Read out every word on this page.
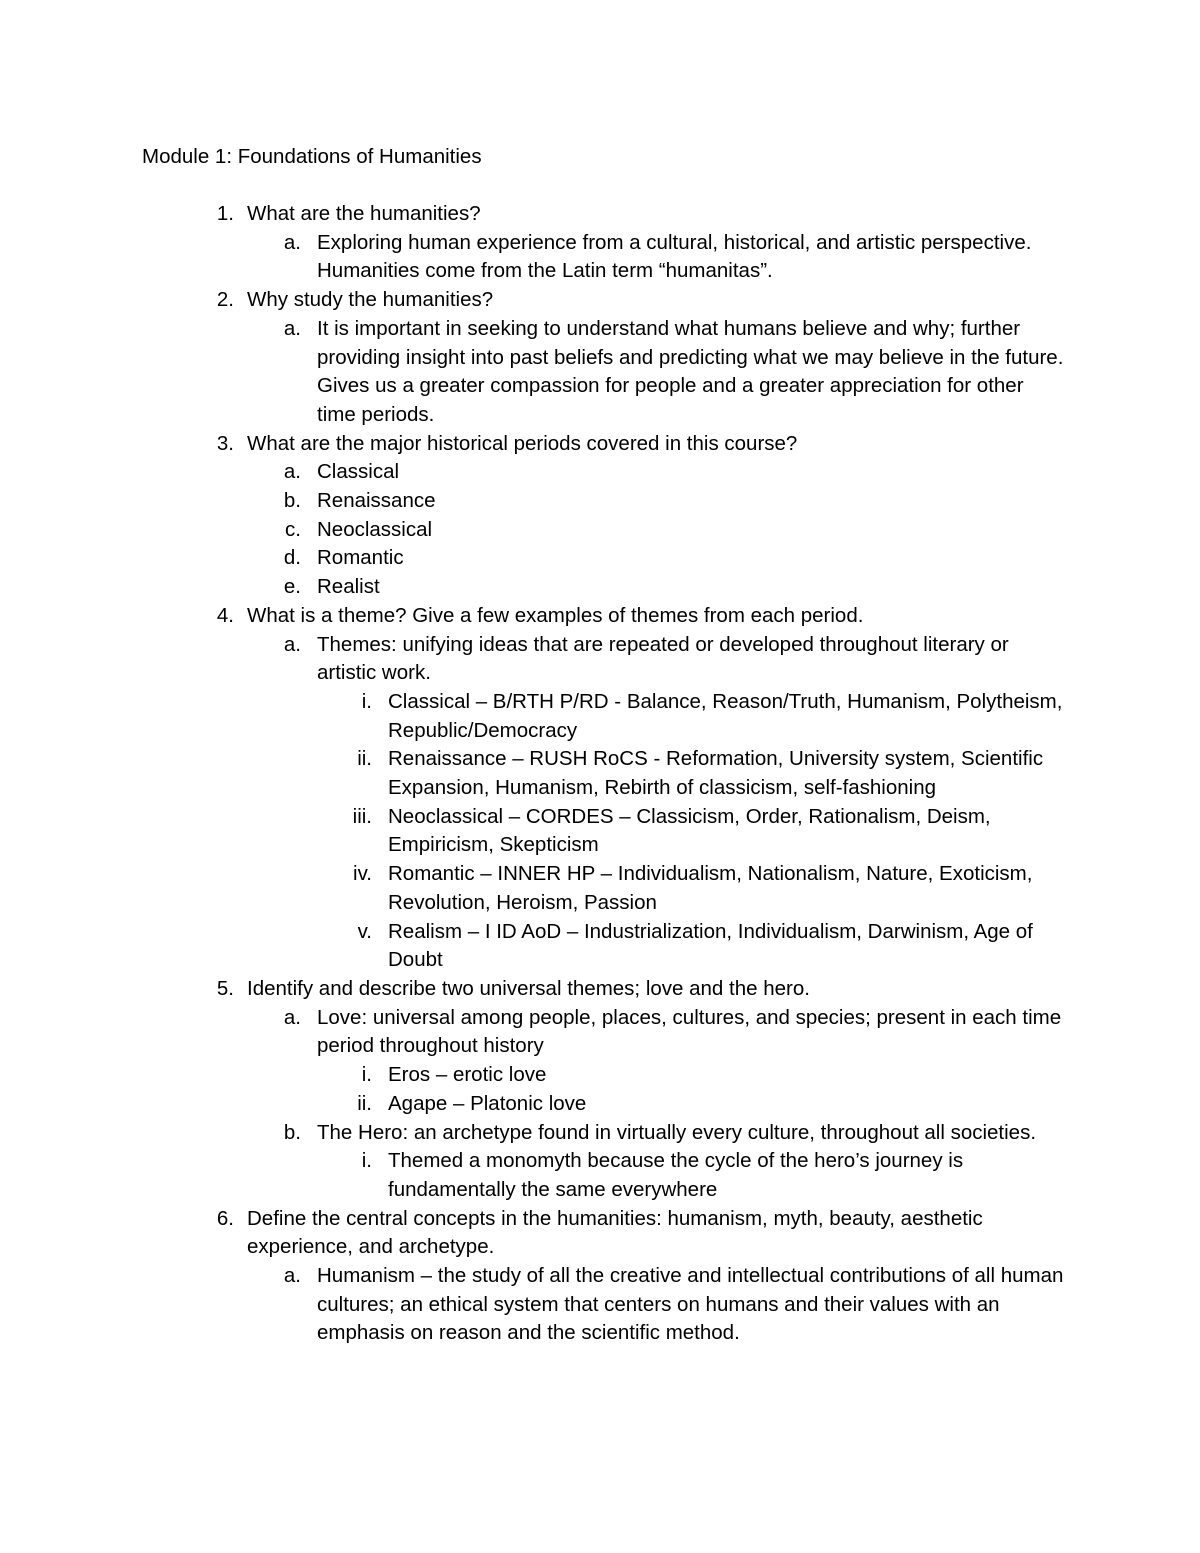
Module 1: Foundations of Humanities
1. What are the humanities?
a. Exploring human experience from a cultural, historical, and artistic perspective. Humanities come from the Latin term “humanitas”.
2. Why study the humanities?
a. It is important in seeking to understand what humans believe and why; further providing insight into past beliefs and predicting what we may believe in the future. Gives us a greater compassion for people and a greater appreciation for other time periods.
3. What are the major historical periods covered in this course?
a. Classical
b. Renaissance
c. Neoclassical
d. Romantic
e. Realist
4. What is a theme? Give a few examples of themes from each period.
a. Themes: unifying ideas that are repeated or developed throughout literary or artistic work.
i. Classical – B/RTH P/RD - Balance, Reason/Truth, Humanism, Polytheism, Republic/Democracy
ii. Renaissance – RUSH RoCS - Reformation, University system, Scientific Expansion, Humanism, Rebirth of classicism, self-fashioning
iii. Neoclassical – CORDES – Classicism, Order, Rationalism, Deism, Empiricism, Skepticism
iv. Romantic – INNER HP – Individualism, Nationalism, Nature, Exoticism, Revolution, Heroism, Passion
v. Realism – I ID AoD – Industrialization, Individualism, Darwinism, Age of Doubt
5. Identify and describe two universal themes; love and the hero.
a. Love: universal among people, places, cultures, and species; present in each time period throughout history
i. Eros – erotic love
ii. Agape – Platonic love
b. The Hero: an archetype found in virtually every culture, throughout all societies.
i. Themed a monomyth because the cycle of the hero’s journey is fundamentally the same everywhere
6. Define the central concepts in the humanities: humanism, myth, beauty, aesthetic experience, and archetype.
a. Humanism – the study of all the creative and intellectual contributions of all human cultures; an ethical system that centers on humans and their values with an emphasis on reason and the scientific method.
